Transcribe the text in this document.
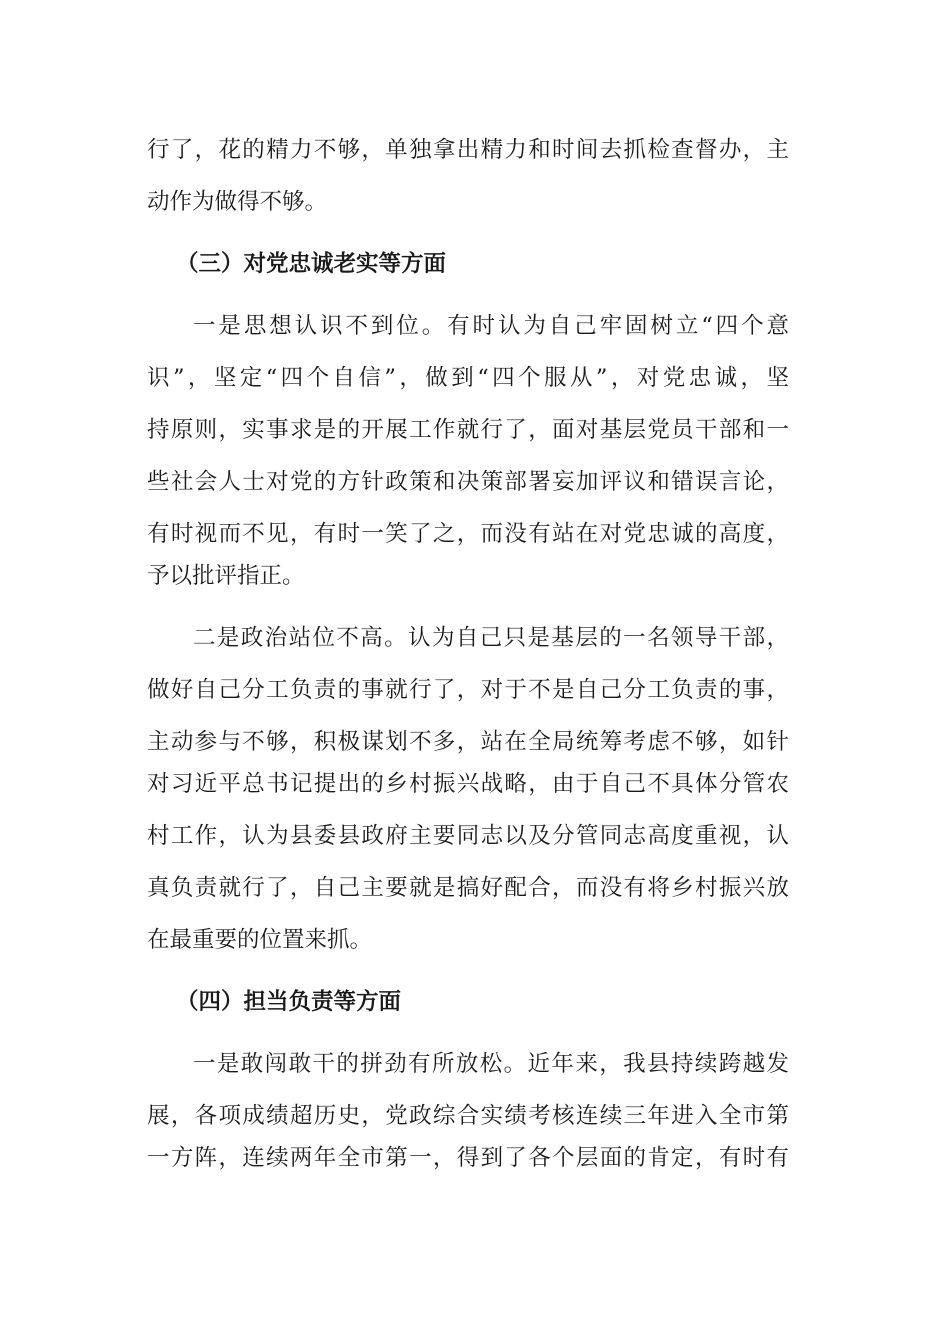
行了，花的精力不够，单独拿出精力和时间去抓检查督办，主
动作为做得不够。
（三）对党忠诚老实等方面
一是思想认识不到位。有时认为自己牢固树立“四个意
识”，坚定“四个自信”，做到“四个服从”，对党忠诚，坚
持原则，实事求是的开展工作就行了，面对基层党员干部和一
些社会人士对党的方针政策和决策部署妄加评议和错误言论，
有时视而不见，有时一笑了之，而没有站在对党忠诚的高度，
予以批评指正。
二是政治站位不高。认为自己只是基层的一名领导干部，
做好自己分工负责的事就行了，对于不是自己分工负责的事，
主动参与不够，积极谋划不多，站在全局统筹考虑不够，如针
对习近平总书记提出的乡村振兴战略，由于自己不具体分管农
村工作，认为县委县政府主要同志以及分管同志高度重视，认
真负责就行了，自己主要就是搞好配合，而没有将乡村振兴放
在最重要的位置来抓。
（四）担当负责等方面
一是敢闯敢干的拼劲有所放松。近年来，我县持续跨越发
展，各项成绩超历史，党政综合实绩考核连续三年进入全市第
一方阵，连续两年全市第一，得到了各个层面的肯定，有时有
